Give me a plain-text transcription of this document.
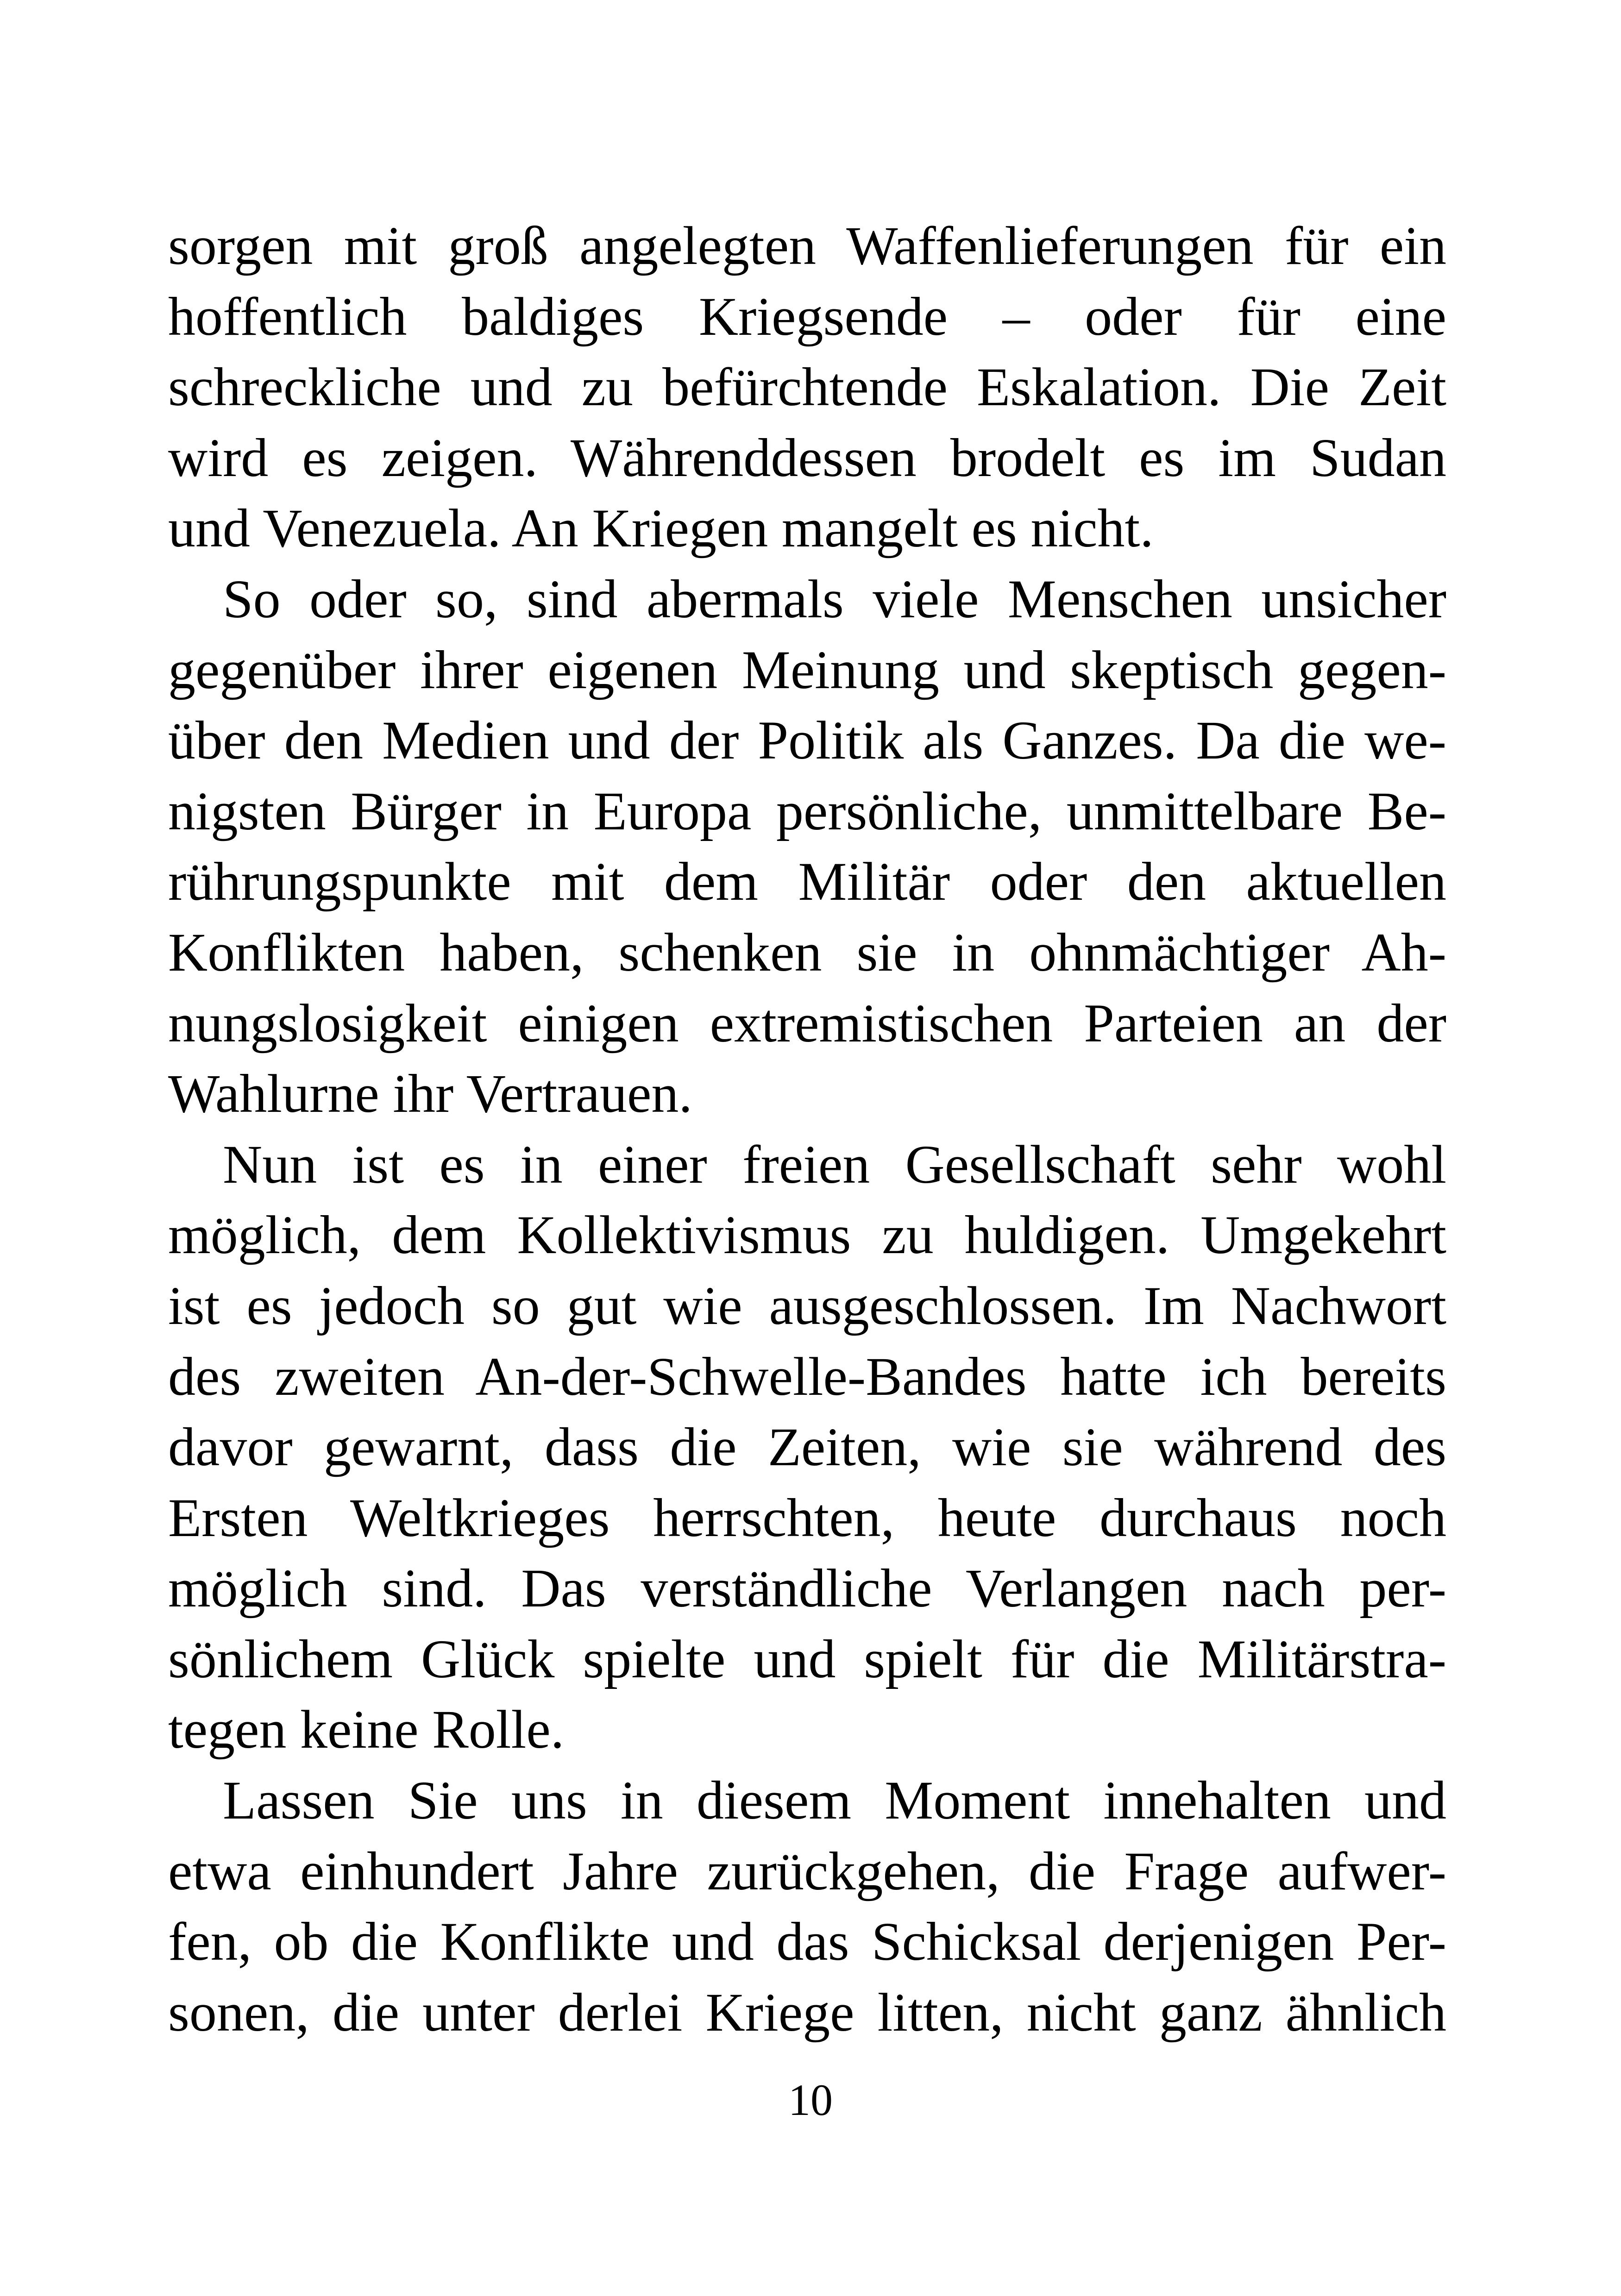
sorgen mit groß angelegten Waffenlieferungen für ein
hoffentlich baldiges Kriegsende – oder für eine
schreckliche und zu befürchtende Eskalation. Die Zeit
wird es zeigen. Währenddessen brodelt es im Sudan
und Venezuela. An Kriegen mangelt es nicht.
So oder so, sind abermals viele Menschen unsicher
gegenüber ihrer eigenen Meinung und skeptisch gegen-
über den Medien und der Politik als Ganzes. Da die we-
nigsten Bürger in Europa persönliche, unmittelbare Be-
rührungspunkte mit dem Militär oder den aktuellen
Konflikten haben, schenken sie in ohnmächtiger Ah-
nungslosigkeit einigen extremistischen Parteien an der
Wahlurne ihr Vertrauen.
Nun ist es in einer freien Gesellschaft sehr wohl
möglich, dem Kollektivismus zu huldigen. Umgekehrt
ist es jedoch so gut wie ausgeschlossen. Im Nachwort
des zweiten An-der-Schwelle-Bandes hatte ich bereits
davor gewarnt, dass die Zeiten, wie sie während des
Ersten Weltkrieges herrschten, heute durchaus noch
möglich sind. Das verständliche Verlangen nach per-
sönlichem Glück spielte und spielt für die Militärstra-
tegen keine Rolle.
Lassen Sie uns in diesem Moment innehalten und
etwa einhundert Jahre zurückgehen, die Frage aufwer-
fen, ob die Konflikte und das Schicksal derjenigen Per-
sonen, die unter derlei Kriege litten, nicht ganz ähnlich
10
